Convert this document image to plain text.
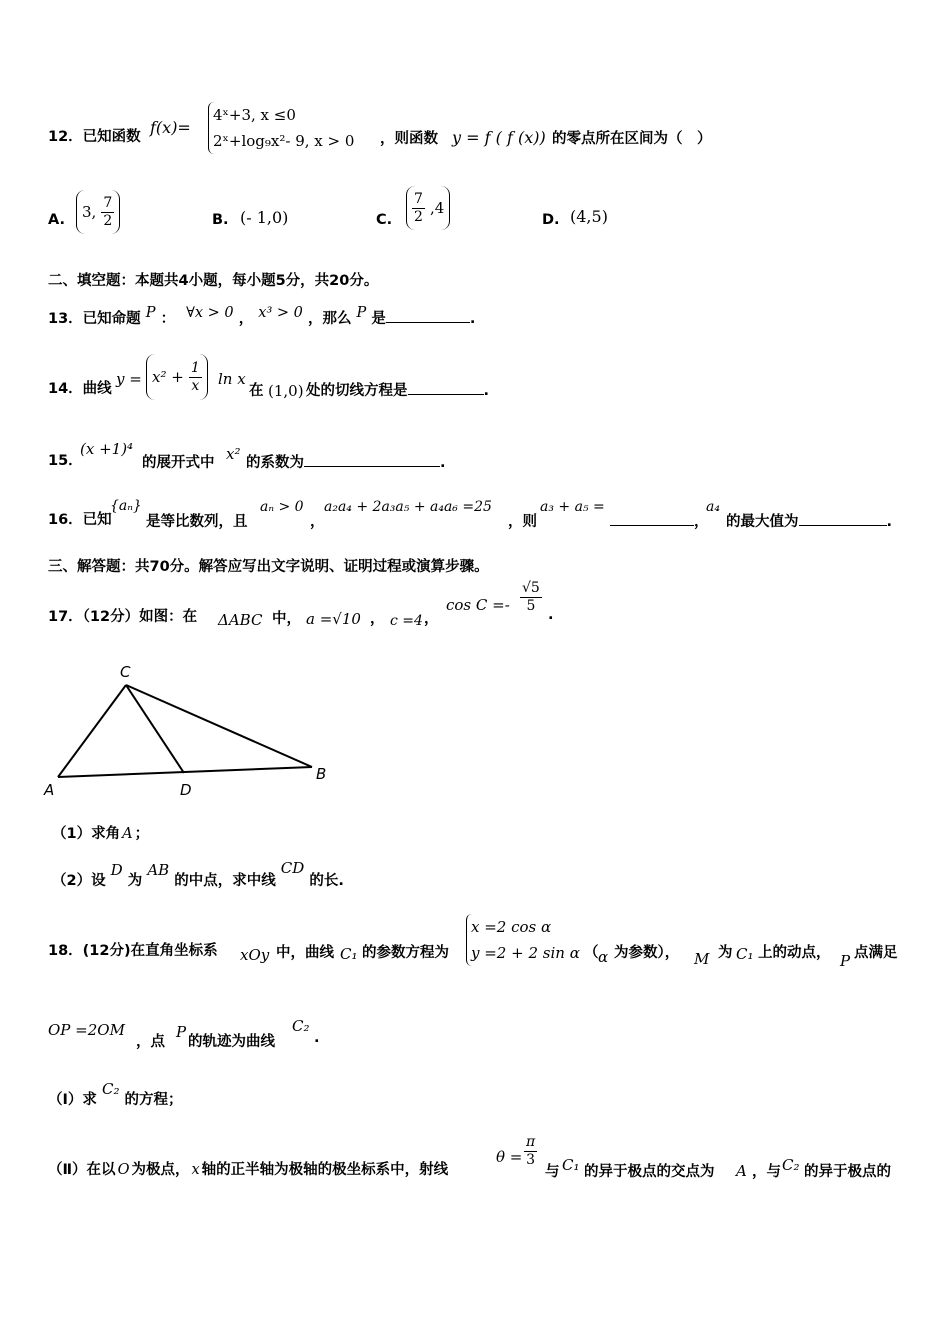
12．已知函数 f(x)=
4ˣ+3, x ≤0
2ˣ+log₉x²- 9, x > 0 ，则函数 y = f ( f (x)) 的零点所在区间为（　）
A.	3, $\frac{7}{2}$	B. (- 1,0)	C. $\frac{7}{2} ,4$
D. (4,5)
二、填空题：本题共4小题，每小题5分，共20分。
13．已知命题 P ： ∀x > 0 ， x³ > 0 ，那么 P 是	.
14．曲线
$y = x^2 + \frac{1}{x}$ ln x
在 (1,0) 处的切线方程是	.
15．
(x +1)⁴
的展开式中 x² 的系数为	.
16．已知
{aₙ}
是等比数列，且
aₙ > 0
，
a₂a₄ + 2a₃a₅ + a₄a₆ =25
，则
a₃ + a₅ =
，
a₄
的最大值为	.
三、解答题：共70分。解答应写出文字说明、证明过程或演算步骤。
17．（12分）如图：在 ΔABC 中， a =√10 ， c =4 ，
$\cos C =- \frac{√5}{5}$ .
C
A	D
B
（1）求角 A ；
（2）设 D 为 AB 的中点，求中线 CD 的长.
18．(12分)在直角坐标系 xOy 中，曲线 C₁ 的参数方程为
x =2 cos α
y =2 + 2 sin α （ α 为参数）， M 为 C₁ 上的动点， P 点满足
OP =2OM
，点
P
的轨迹为曲线
C₂
.
（Ⅰ）求 C₂ 的方程；
（Ⅱ）在以 O 为极点， x 轴的正半轴为极轴的极坐标系中，射线
$\theta = \frac{\pi}{3}$
与 C₁ 的异于极点的交点为 A ，与 C₂ 的异于极点的
